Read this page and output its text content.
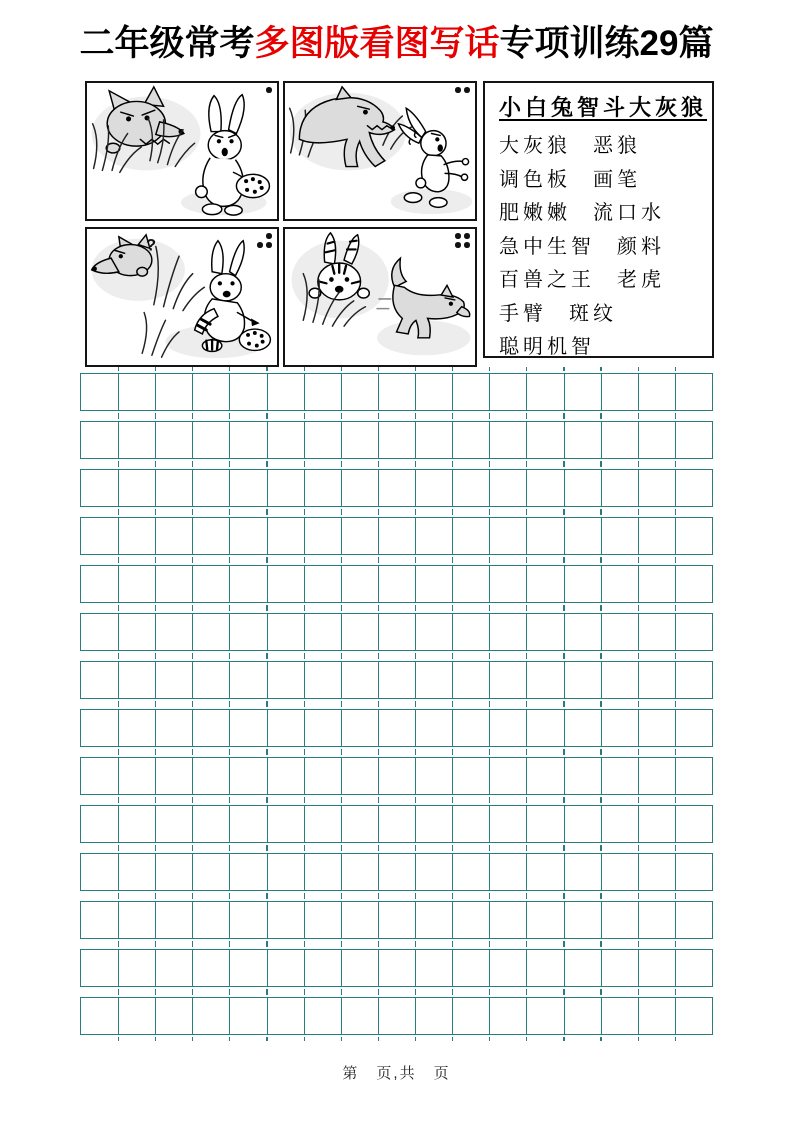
二年级常考多图版看图写话专项训练29篇
?
小白兔智斗大灰狼
大灰狼 恶狼
调色板 画笔
肥嫩嫩 流口水
急中生智 颜料
百兽之王 老虎
手臂 斑纹
聪明机智
第　页,共　页
